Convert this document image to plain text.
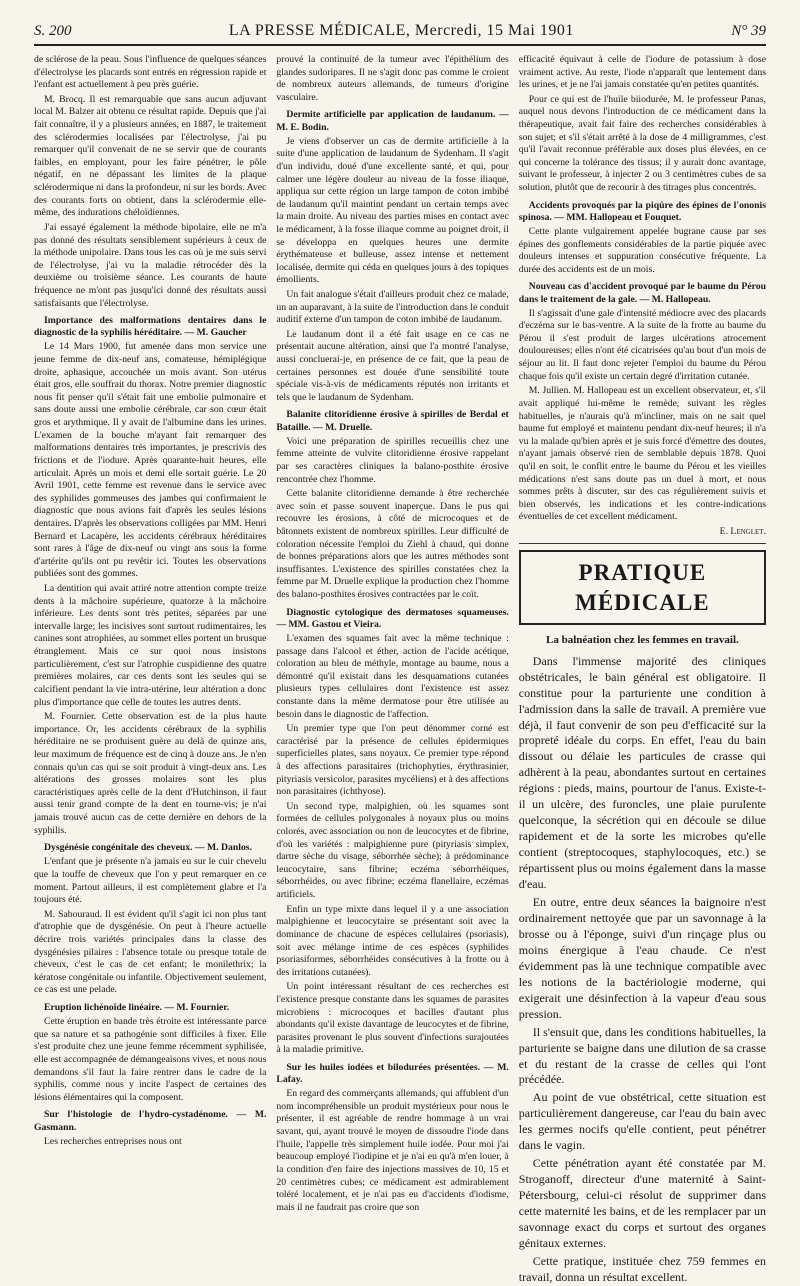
S. 200	LA PRESSE MÉDICALE, Mercredi, 15 Mai 1901	N° 39

de sclérose de la peau. Sous l'influence de quelques séances d'électrolyse les placards sont entrés en régression rapide et l'enfant est actuellement à peu près guérie.

M. Brocq. Il est remarquable que sans aucun adjuvant local M. Balzer ait obtenu ce résultat rapide. Depuis que j'ai fait connaître, il y a plusieurs années, en 1887, le traitement des sclérodermies localisées par l'électrolyse, j'ai pu remarquer qu'il convenait de ne se servir que de courants faibles, en employant, pour les faire pénétrer, le pôle négatif, en ne dépassant les limites de la plaque sclérodermique ni dans la profondeur, ni sur les bords. Avec des courants forts on obtient, dans la sclérodermie elle-même, des indurations chéloïdiennes.

J'ai essayé également la méthode bipolaire, elle ne m'a pas donné des résultats sensiblement supérieurs à ceux de la méthode unipolaire. Dans tous les cas où je me suis servi de l'électrolyse, j'ai vu la maladie rétrocéder dès la deuxième ou troisième séance. Les courants de haute fréquence ne m'ont pas jusqu'ici donné des résultats aussi satisfaisants que l'électrolyse.

Importance des malformations dentaires dans le diagnostic de la syphilis héréditaire. — M. Gaucher

Le 14 Mars 1900, fut amenée dans mon service une jeune femme de dix-neuf ans, comateuse, hémiplégique droite, aphasique, accouchée un mois avant. Son utérus était gros, elle souffrait du thorax. Notre premier diagnostic nous fit penser qu'il s'était fait une embolie pulmonaire et sans doute aussi une embolie cérébrale, car son cœur était gros et arythmique. Il y avait de l'albumine dans les urines. L'examen de la bouche m'ayant fait remarquer des malformations dentaires très importantes, je prescrivis des frictions et de l'iodure. Après quarante-huit heures, elle articulait. Après un mois et demi elle sortait guérie. Le 20 Avril 1901, cette femme est revenue dans le service avec des syphilides gommeuses des jambes qui confirmaient le diagnostic que nous avions fait d'après les seules lésions dentaires. D'après les observations colligées par MM. Henri Bernard et Lacapère, les accidents cérébraux héréditaires sont rares à l'âge de dix-neuf ou vingt ans sous la forme d'artérite qu'ils ont pu revêtir ici. Toutes les observations publiées sont des gommes.

La dentition qui avait attiré notre attention compte treize dents à la mâchoire supérieure, quatorze à la mâchoire inférieure. Les dents sont très petites, séparées par une intervalle large; les incisives sont surtout rudimentaires, les canines sont atrophiées, au sommet elles portent un brusque étranglement. Mais ce sur quoi nous insistons particulièrement, c'est sur l'atrophie cuspidienne des quatre premières molaires, car ces dents sont les seules qui se calcifient pendant la vie intra-utérine, leur altération a donc plus d'importance que celle de toutes les autres dents.

M. Fournier. Cette observation est de la plus haute importance. Or, les accidents cérébraux de la syphilis héréditaire ne se produisent guère au delà de quinze ans, leur maximum de fréquence est de cinq à douze ans. Je n'en connais qu'un cas qui se soit produit à vingt-deux ans. Les altérations des grosses molaires sont les plus caractéristiques après celle de la dent d'Hutchinson, il faut aussi tenir grand compte de la dent en tourne-vis; je n'ai jamais trouvé aucun cas de cette dernière en dehors de la syphilis.

Dysgénésie congénitale des cheveux. — M. Danlos.

L'enfant que je présente n'a jamais eu sur le cuir chevelu que la touffe de cheveux que l'on y peut remarquer en ce moment. Partout ailleurs, il est complètement glabre et l'a toujours été.

M. Sabouraud. Il est évident qu'il s'agit ici non plus tant d'atrophie que de dysgénésie. On peut à l'heure actuelle décrire trois variétés principales dans la classe des dysgénésies pilaires : l'absence totale ou presque totale de cheveux, c'est le cas de cet enfant; le monilethrix; la kératose congénitale ou infantile. Objectivement seulement, ce cas est une pelade.

Eruption lichénoïde linéaire. — M. Fournier.

Cette éruption en bande très étroite est intéressante parce que sa nature et sa pathogénie sont difficiles à fixer. Elle s'est produite chez une jeune femme récemment syphilisée, elle est accompagnée de démangeaisons vives, et nous nous demandons s'il faut la faire rentrer dans le cadre de la syphilis, comme nous y incite l'aspect de certaines des lésions élémentaires qui la composent.

Sur l'histologie de l'hydro-cystadénome. — M. Gasmann.

Les recherches entreprises nous ont

prouvé la continuité de la tumeur avec l'épithélium des glandes sudoripares. Il ne s'agit donc pas comme le croient de nombreux auteurs allemands, de tumeurs d'origine vasculaire.

Dermite artificielle par application de laudanum. — M. E. Bodin.

Je viens d'observer un cas de dermite artificielle à la suite d'une application de laudanum de Sydenham. Il s'agit d'un individu, doué d'une excellente santé, et qui, pour calmer une légère douleur au niveau de la fosse iliaque, appliqua sur cette région un large tampon de coton imbibé de laudanum qu'il maintint pendant un certain temps avec la main droite. Au niveau des parties mises en contact avec le médicament, à la fosse iliaque comme au poignet droit, il se développa en quelques heures une dermite érythémateuse et bulleuse, assez intense et nettement localisée, dermite qui céda en quelques jours à des topiques émollients.

Un fait analogue s'était d'ailleurs produit chez ce malade, un an auparavant, à la suite de l'introduction dans le conduit auditif externe d'un tampon de coton imbibé de laudanum.

Le laudanum dont il a été fait usage en ce cas ne présentait aucune altération, ainsi que l'a montré l'analyse, aussi concluerai-je, en présence de ce fait, que la peau de certaines personnes est douée d'une sensibilité toute spéciale vis-à-vis de médicaments réputés non irritants et tels que le laudanum de Sydenham.

Balanite clitoridienne érosive à spirilles de Berdal et Bataille. — M. Druelle.

Voici une préparation de spirilles recueillis chez une femme atteinte de vulvite clitoridienne érosive rappelant par ses caractères cliniques la balano-posthite érosive rencontrée chez l'homme.

Cette balanite clitoridienne demande à être recherchée avec soin et passe souvent inaperçue. Dans le pus qui recouvre les érosions, à côté de microcoques et de bâtonnets existent de nombreux spirilles. Leur difficulté de coloration nécessite l'emploi du Ziehl à chaud, qui donne de bonnes préparations alors que les autres méthodes sont insuffisantes. L'existence des spirilles constatées chez la femme par M. Druelle explique la production chez l'homme des balano-posthites érosives contractées par le coït.

Diagnostic cytologique des dermatoses squameuses. — MM. Gastou et Vieira.

L'examen des squames fait avec la même technique : passage dans l'alcool et éther, action de l'acide acétique, coloration au bleu de méthyle, montage au baume, nous a démontré qu'il existait dans les desquamations cutanées plusieurs types cellulaires dont l'existence est assez constante dans la même dermatose pour être utilisée au besoin dans le diagnostic de l'affection.

Un premier type que l'on peut dénommer corné est caractérisé par la présence de cellules épidermiques superficielles plates, sans noyaux. Ce premier type répond à des affections parasitaires (trichophyties, érythrasinier, pityriasis versicolor, parasites mycéliens) et à des affections non parasitaires (ichthyose).

Un second type, malpighien, où les squames sont formées de cellules polygonales à noyaux plus ou moins colorés, avec association ou non de leucocytes et de fibrine, d'où les variétés : malpighienne pure (pityriasis simplex, dartre sèche du visage, séborrhée sèche); à prédominance leucocytaire, sans fibrine; eczéma séborrhéiques, séborrhéides, ou avec fibrine; eczéma flanellaire, eczémas artificiels.

Enfin un type mixte dans lequel il y a une association malpighienne et leucocytaire se présentant soit avec la dominance de chacune de espèces cellulaires (psoriasis), soit avec mélange intime de ces espèces (syphilides psoriasiformes, séborrhéides consécutives à la frotte ou à des irritations cutanées).

Un point intéressant résultant de ces recherches est l'existence presque constante dans les squames de parasites microbiens : microcoques et bacilles d'autant plus abondants qu'il existe davantage de leucocytes et de fibrine, parasites provenant le plus souvent d'infections surajoutées à la maladie primitive.

Sur les huiles iodées et bilodurées présentées. — M. Lafay.

En regard des commerçants allemands, qui affublent d'un nom incompréhensible un produit mystérieux pour nous le présenter, il est agréable de rendre hommage à un vrai savant, qui, ayant trouvé le moyen de dissoudre l'iode dans l'huile, l'appelle très simplement huile iodée. Pour moi j'ai beaucoup employé l'iodipine et je n'ai eu qu'à m'en louer, à la condition d'en faire des injections massives de 10, 15 et 20 centimètres cubes; ce médicament est admirablement toléré localement, et je n'ai pas eu d'accidents d'iodisme, mais il ne faudrait pas croire que son

efficacité équivaut à celle de l'iodure de potassium à dose vraiment active. Au reste, l'iode n'apparaît que lentement dans les urines, et je ne l'ai jamais constatée qu'en petites quantités.

Pour ce qui est de l'huile biiodurée, M. le professeur Panas, auquel nous devons l'introduction de ce médicament dans la thérapeutique, avait fait faire des recherches considérables à son sujet; et s'il s'était arrêté à la dose de 4 milligrammes, c'est qu'il l'avait reconnue préférable aux doses plus élevées, en ce qui concerne la tolérance des tissus; il y aurait donc avantage, suivant le professeur, à injecter 2 ou 3 centimètres cubes de sa solution, plutôt que de recourir à des titrages plus concentrés.

Accidents provoqués par la piqûre des épines de l'ononis spinosa. — MM. Hallopeau et Fouquet.

Cette plante vulgairement appelée bugrane cause par ses épines des gonflements considérables de la partie piquée avec douleurs intenses et suppuration consécutive fréquente. La durée des accidents est de un mois.

Nouveau cas d'accident provoqué par le baume du Pérou dans le traitement de la gale. — M. Hallopeau.

Il s'agissait d'une gale d'intensité médiocre avec des placards d'eczéma sur le bas-ventre. A la suite de la frotte au baume du Pérou il s'est produit de larges ulcérations atrocement douloureuses; elles n'ont été cicatrisées qu'au bout d'un mois de séjour au lit. Il faut donc rejeter l'emploi du baume du Pérou chaque fois qu'il existe un certain degré d'irritation cutanée.

M. Jullien. M. Hallopeau est un excellent observateur, et, s'il avait appliqué lui-même le remède, suivant les règles habituelles, je n'aurais qu'à m'incliner, mais on ne sait quel baume fut employé et maintenu pendant dix-neuf heures; il n'a vu la malade qu'bien après et je suis forcé d'émettre des doutes, n'ayant jamais observé rien de semblable depuis 1878. Quoi qu'il en soit, le conflit entre le baume du Pérou et les vieilles médications n'est sans doute pas un duel à mort, et nous sommes prêts à discuter, sur des cas régulièrement suivis et bien observés, les indications et les contre-indications éventuelles de cet excellent médicament.

E. Lenglet.

PRATIQUE MÉDICALE
La balnéation chez les femmes en travail.

Dans l'immense majorité des cliniques obstétricales, le bain général est obligatoire. Il constitue pour la parturiente une condition à l'admission dans la salle de travail. A première vue déjà, il faut convenir de son peu d'efficacité sur la propreté idéale du corps. En effet, l'eau du bain dissout ou délaie les particules de crasse qui adhèrent à la peau, abondantes surtout en certaines régions : pieds, mains, pourtour de l'anus. Existe-t-il un ulcère, des furoncles, une plaie purulente quelconque, la sécrétion qui en découle se dilue rapidement et de la sorte les microbes qu'elle contient (streptocoques, staphylocoques, etc.) se répartissent plus ou moins également dans la masse d'eau.

En outre, entre deux séances la baignoire n'est ordinairement nettoyée que par un savonnage à la brosse ou à l'éponge, suivi d'un rinçage plus ou moins énergique à l'eau chaude. Ce n'est évidemment pas là une technique compatible avec les notions de la bactériologie moderne, qui exigerait une désinfection à la vapeur d'eau sous pression.

Il s'ensuit que, dans les conditions habituelles, la parturiente se baigne dans une dilution de sa crasse et du restant de la crasse de celles qui l'ont précédée.

Au point de vue obstétrical, cette situation est particulièrement dangereuse, car l'eau du bain avec les germes nocifs qu'elle contient, peut pénétrer dans le vagin.

Cette pénétration ayant été constatée par M. Stroganoff, directeur d'une maternité à Saint-Pétersbourg, celui-ci résolut de supprimer dans cette maternité les bains, et de les remplacer par un savonnage exact du corps et surtout des organes génitaux externes.

Cette pratique, instituée chez 759 femmes en travail, donna un résultat excellent.
